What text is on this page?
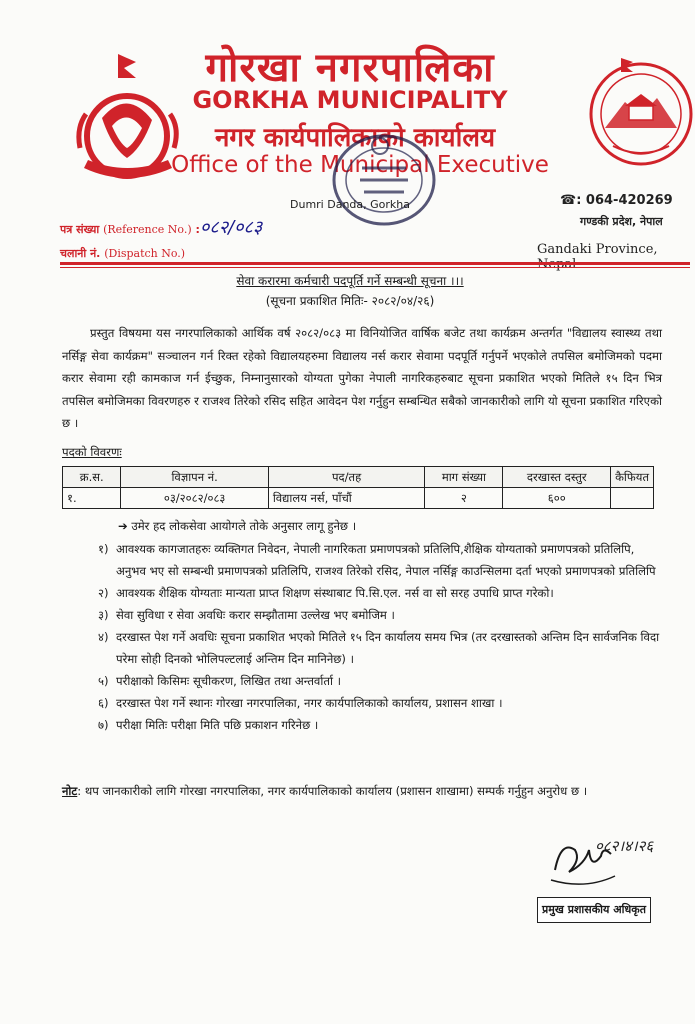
गोरखा नगरपालिका
GORKHA MUNICIPALITY
नगर कार्यपालिकाको कार्यालय
Office of the Municipal Executive
Dumri Danda, Gorkha	☎: 064-420269
गण्डकी प्रदेश, नेपाल
Gandaki Province,
पत्र संख्या (Reference No.) : ०८२/०८३
चलानी नं. (Dispatch No.)
सेवा करारमा कर्मचारी पदपूर्ति गर्ने सम्बन्धी सूचना ।।।
(सूचना प्रकाशित मितिः- २०८२/०४/२६)
प्रस्तुत विषयमा यस नगरपालिकाको आर्थिक वर्ष २०८२/०८३ मा विनियोजित वार्षिक बजेट तथा कार्यक्रम अन्तर्गत "विद्यालय स्वास्थ्य तथा नर्सिङ्ग सेवा कार्यक्रम" सञ्चालन गर्न रिक्त रहेको विद्यालयहरुमा विद्यालय नर्स करार सेवामा पदपूर्ति गर्नुपर्ने भएकोले तपसिल बमोजिमको पदमा करार सेवामा रही कामकाज गर्न ईच्छुक, निम्नानुसारको योग्यता पुगेका नेपाली नागरिकहरुबाट सूचना प्रकाशित भएको मितिले १५ दिन भित्र तपसिल बमोजिमका विवरणहरु र राजश्व तिरेको रसिद सहित आवेदन पेश गर्नुहुन सम्बन्धित सबैको जानकारीको लागि यो सूचना प्रकाशित गरिएको छ ।
पदको विवरणः
क्र.स.	विज्ञापन नं.	पद/तह	माग संख्या	दरखास्त दस्तुर	कैफियत
१.	०३/२०८२/०८३	विद्यालय नर्स, पाँचौं	२	६००	
➔ उमेर हद लोकसेवा आयोगले तोके अनुसार लागू हुनेछ ।
१) आवश्यक कागजातहरुः व्यक्तिगत निवेदन, नेपाली नागरिकता प्रमाणपत्रको प्रतिलिपि,शैक्षिक योग्यताको प्रमाणपत्रको प्रतिलिपि, अनुभव भए सो सम्बन्धी प्रमाणपत्रको प्रतिलिपि, राजश्व तिरेको रसिद, नेपाल नर्सिङ्ग काउन्सिलमा दर्ता भएको प्रमाणपत्रको प्रतिलिपि
२) आवश्यक शैक्षिक योग्यताः मान्यता प्राप्त शिक्षण संस्थाबाट पि.सि.एल. नर्स वा सो सरह उपाधि प्राप्त गरेको।
३) सेवा सुविधा र सेवा अवधिः करार सम्झौतामा उल्लेख भए बमोजिम ।
४) दरखास्त पेश गर्ने अवधिः सूचना प्रकाशित भएको मितिले १५ दिन कार्यालय समय भित्र (तर दरखास्तको अन्तिम दिन सार्वजनिक विदा परेमा सोही दिनको भोलिपल्टलाई अन्तिम दिन मानिनेछ) ।
५) परीक्षाको किसिमः सूचीकरण, लिखित तथा अन्तर्वार्ता ।
६) दरखास्त पेश गर्ने स्थानः गोरखा नगरपालिका, नगर कार्यपालिकाको कार्यालय, प्रशासन शाखा ।
७) परीक्षा मितिः परीक्षा मिति पछि प्रकाशन गरिनेछ ।
नोट: थप जानकारीको लागि गोरखा नगरपालिका, नगर कार्यपालिकाको कार्यालय (प्रशासन शाखामा) सम्पर्क गर्नुहुन अनुरोध छ ।
०८२।४।२६
प्रमुख प्रशासकीय अधिकृत
